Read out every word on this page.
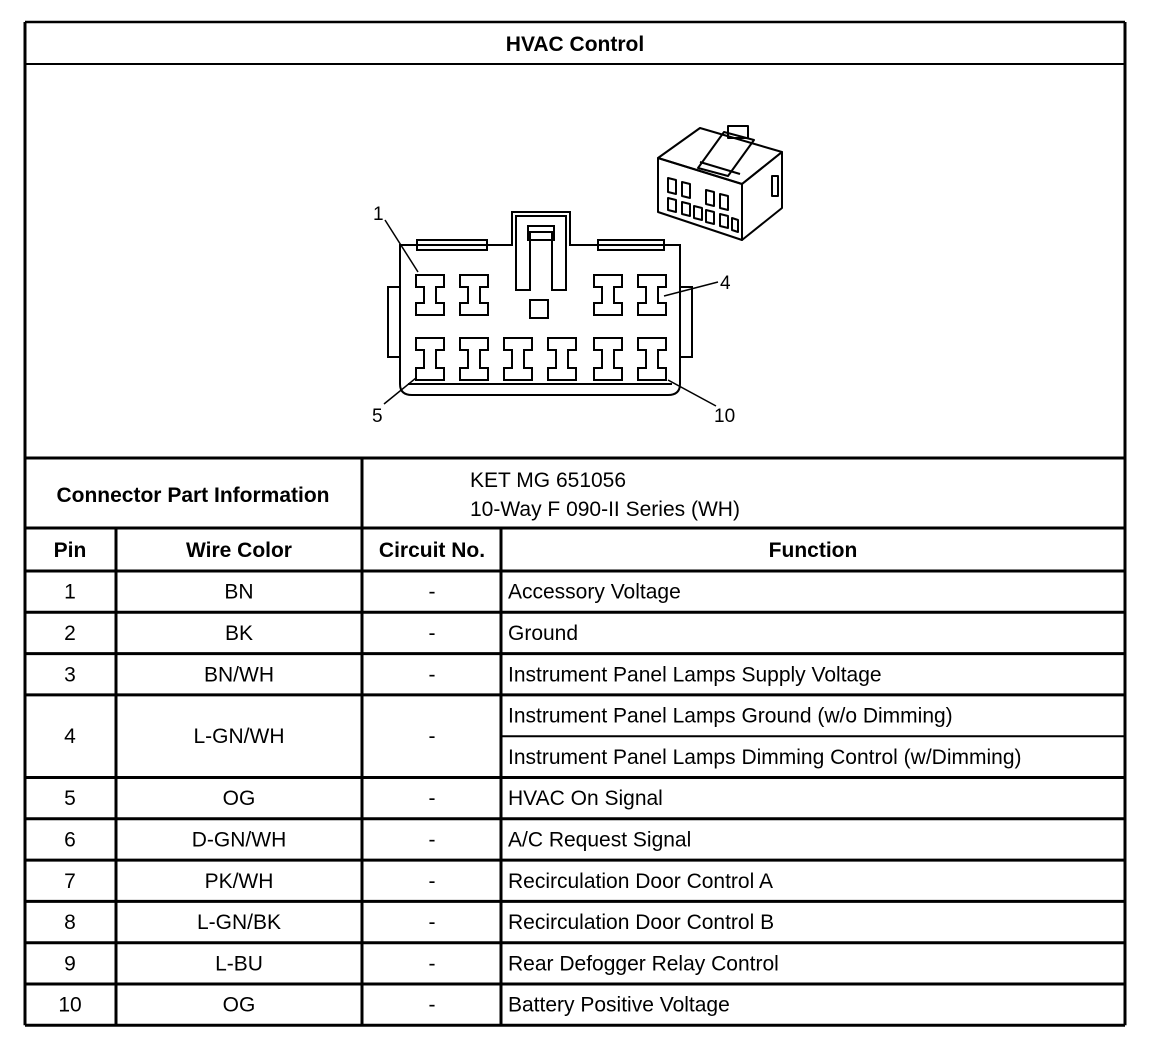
HVAC Control
1
4
5	10
Connector Part Information
KET MG 651056
10-Way F 090-II Series (WH)
Pin	Wire Color	Circuit No.	Function
1	BN	-	Accessory Voltage
2	BK	-	Ground
3	BN/WH	-	Instrument Panel Lamps Supply Voltage
4	L-GN/WH	-
Instrument Panel Lamps Ground (w/o Dimming)
Instrument Panel Lamps Dimming Control (w/Dimming)
5	OG	-	HVAC On Signal
6	D-GN/WH	-	A/C Request Signal
7	PK/WH	-	Recirculation Door Control A
8	L-GN/BK	-	Recirculation Door Control B
9	L-BU	-	Rear Defogger Relay Control
10	OG	-	Battery Positive Voltage
